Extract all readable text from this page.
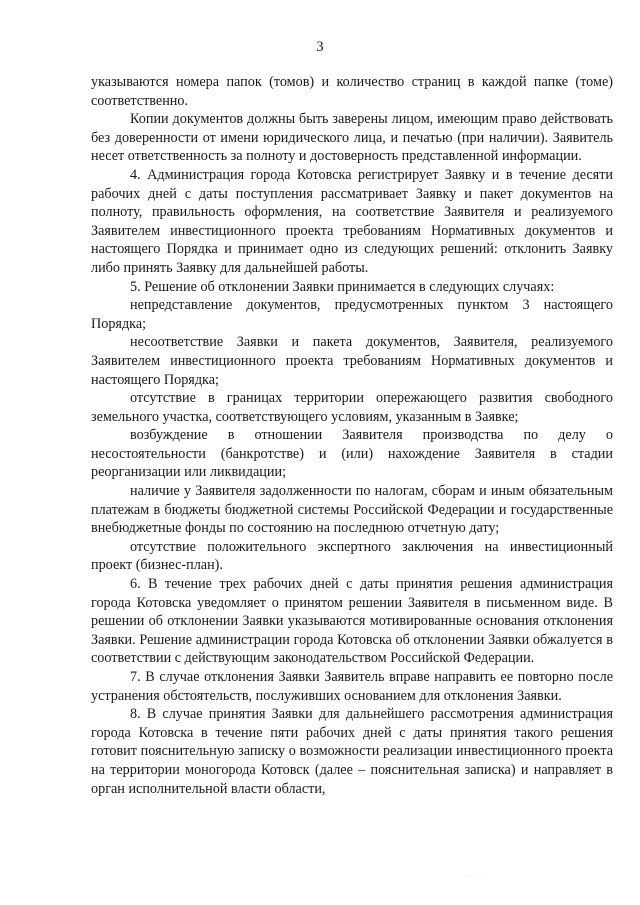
3

указываются номера папок (томов) и количество страниц в каждой папке (томе) соответственно.

Копии документов должны быть заверены лицом, имеющим право действовать без доверенности от имени юридического лица, и печатью (при наличии). Заявитель несет ответственность за полноту и достоверность представленной информации.

4. Администрация города Котовска регистрирует Заявку и в течение десяти рабочих дней с даты поступления рассматривает Заявку и пакет документов на полноту, правильность оформления, на соответствие Заявителя и реализуемого Заявителем инвестиционного проекта требованиям Нормативных документов и настоящего Порядка и принимает одно из следующих решений: отклонить Заявку либо принять Заявку для дальнейшей работы.

5. Решение об отклонении Заявки принимается в следующих случаях:

непредставление документов, предусмотренных пунктом 3 настоящего Порядка;

несоответствие Заявки и пакета документов, Заявителя, реализуемого Заявителем инвестиционного проекта требованиям Нормативных документов и настоящего Порядка;

отсутствие в границах территории опережающего развития свободного земельного участка, соответствующего условиям, указанным в Заявке;

возбуждение в отношении Заявителя производства по делу о несостоятельности (банкротстве) и (или) нахождение Заявителя в стадии реорганизации или ликвидации;

наличие у Заявителя задолженности по налогам, сборам и иным обязательным платежам в бюджеты бюджетной системы Российской Федерации и государственные внебюджетные фонды по состоянию на последнюю отчетную дату;

отсутствие положительного экспертного заключения на инвестиционный проект (бизнес-план).

6. В течение трех рабочих дней с даты принятия решения администрация города Котовска уведомляет о принятом решении Заявителя в письменном виде. В решении об отклонении Заявки указываются мотивированные основания отклонения Заявки. Решение администрации города Котовска об отклонении Заявки обжалуется в соответствии с действующим законодательством Российской Федерации.

7. В случае отклонения Заявки Заявитель вправе направить ее повторно после устранения обстоятельств, послуживших основанием для отклонения Заявки.

8. В случае принятия Заявки для дальнейшего рассмотрения администрация города Котовска в течение пяти рабочих дней с даты принятия такого решения готовит пояснительную записку о возможности реализации инвестиционного проекта на территории моногорода Котовск (далее – пояснительная записка) и направляет в орган исполнительной власти области,

· ·
